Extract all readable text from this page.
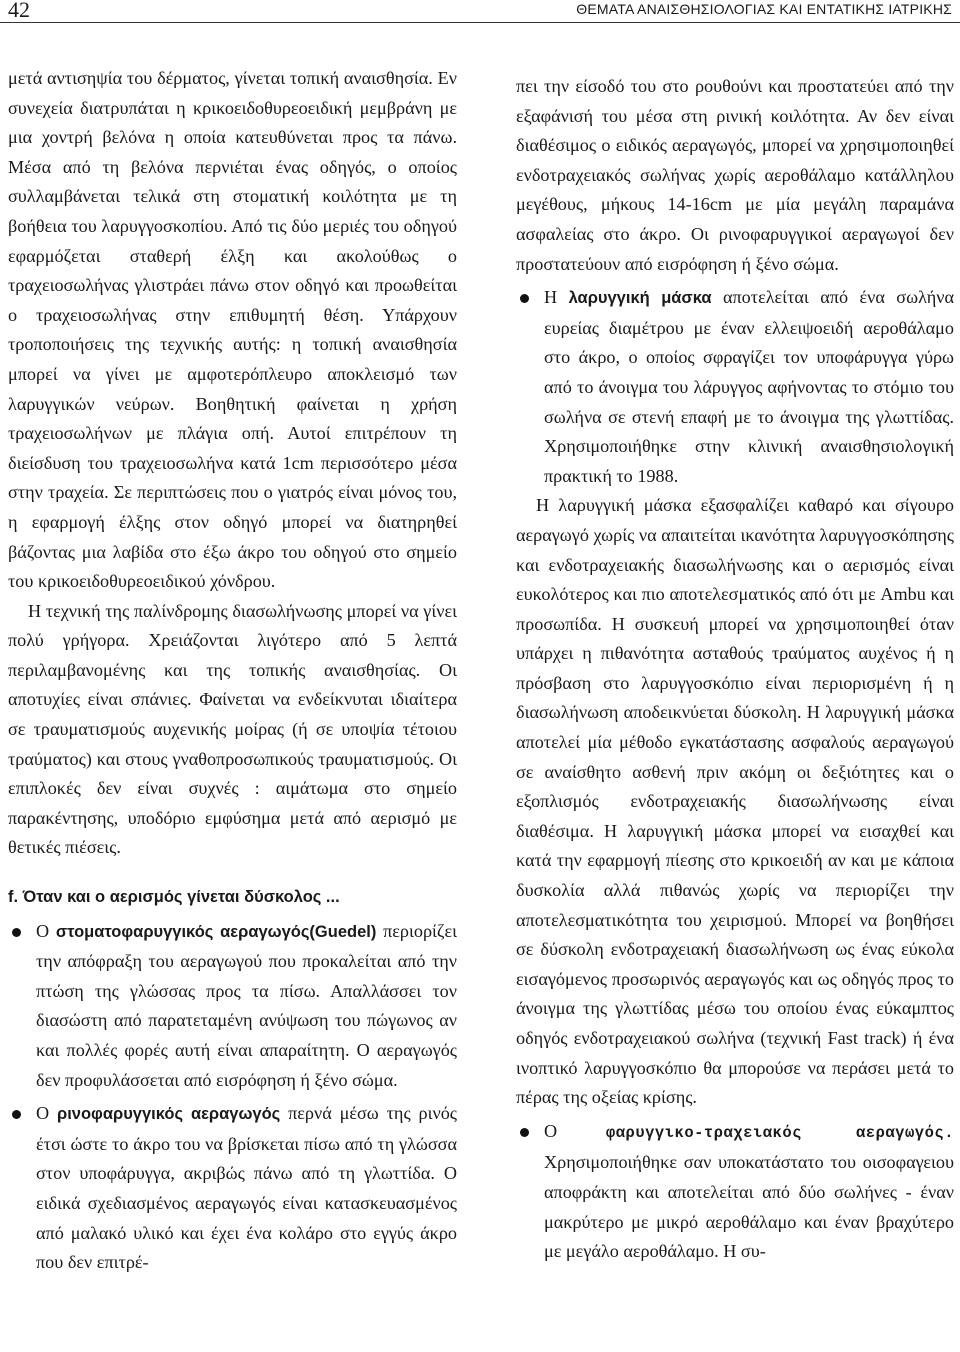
42	ΘΕΜΑΤΑ ΑΝΑΙΣΘΗΣΙΟΛΟΓΙΑΣ ΚΑΙ ΕΝΤΑΤΙΚΗΣ ΙΑΤΡΙΚΗΣ

μετά αντισηψία του δέρματος, γίνεται τοπική αναισθησία. Εν συνεχεία διατρυπάται η κρικοειδοθυρεοειδική μεμβράνη με μια χοντρή βελόνα η οποία κατευθύνεται προς τα πάνω. Μέσα από τη βελόνα περνιέται ένας οδηγός, ο οποίος συλλαμβάνεται τελικά στη στοματική κοιλότητα με τη βοήθεια του λαρυγγοσκοπίου. Από τις δύο μεριές του οδηγού εφαρμόζεται σταθερή έλξη και ακολούθως ο τραχειοσωλήνας γλιστράει πάνω στον οδηγό και προωθείται ο τραχειοσωλήνας στην επιθυμητή θέση. Υπάρχουν τροποποιήσεις της τεχνικής αυτής: η τοπική αναισθησία μπορεί να γίνει με αμφοτερόπλευρο αποκλεισμό των λαρυγγικών νεύρων. Βοηθητική φαίνεται η χρήση τραχειοσωλήνων με πλάγια οπή. Αυτοί επιτρέπουν τη διείσδυση του τραχειοσωλήνα κατά 1cm περισσότερο μέσα στην τραχεία. Σε περιπτώσεις που ο γιατρός είναι μόνος του, η εφαρμογή έλξης στον οδηγό μπορεί να διατηρηθεί βάζοντας μια λαβίδα στο έξω άκρο του οδηγού στο σημείο του κρικοειδοθυρεοειδικού χόνδρου.

Η τεχνική της παλίνδρομης διασωλήνωσης μπορεί να γίνει πολύ γρήγορα. Χρειάζονται λιγότερο από 5 λεπτά περιλαμβανομένης και της τοπικής αναισθησίας. Οι αποτυχίες είναι σπάνιες. Φαίνεται να ενδείκνυται ιδιαίτερα σε τραυματισμούς αυχενικής μοίρας (ή σε υποψία τέτοιου τραύματος) και στους γναθοπροσωπικούς τραυματισμούς. Οι επιπλοκές δεν είναι συχνές : αιμάτωμα στο σημείο παρακέντησης, υποδόριο εμφύσημα μετά από αερισμό με θετικές πιέσεις.

f. Όταν και ο αερισμός γίνεται δύσκολος ...

Ο στοματοφαρυγγικός αεραγωγός(Guedel) περιορίζει την απόφραξη του αεραγωγού που προκαλείται από την πτώση της γλώσσας προς τα πίσω. Απαλλάσσει τον διασώστη από παρατεταμένη ανύψωση του πώγωνος αν και πολλές φορές αυτή είναι απαραίτητη. Ο αεραγωγός δεν προφυλάσσεται από εισρόφηση ή ξένο σώμα.
Ο ρινοφαρυγγικός αεραγωγός περνά μέσω της ρινός έτσι ώστε το άκρο του να βρίσκεται πίσω από τη γλώσσα στον υποφάρυγγα, ακριβώς πάνω από τη γλωττίδα. Ο ειδικά σχεδιασμένος αεραγωγός είναι κατασκευασμένος από μαλακό υλικό και έχει ένα κολάρο στο εγγύς άκρο που δεν επιτρέ-

πει την είσοδό του στο ρουθούνι και προστατεύει από την εξαφάνισή του μέσα στη ρινική κοιλότητα. Αν δεν είναι διαθέσιμος ο ειδικός αεραγωγός, μπορεί να χρησιμοποιηθεί ενδοτραχειακός σωλήνας χωρίς αεροθάλαμο κατάλληλου μεγέθους, μήκους 14-16cm με μία μεγάλη παραμάνα ασφαλείας στο άκρο. Οι ρινοφαρυγγικοί αεραγωγοί δεν προστατεύουν από εισρόφηση ή ξένο σώμα.

Η λαρυγγική μάσκα αποτελείται από ένα σωλήνα ευρείας διαμέτρου με έναν ελλειψοειδή αεροθάλαμο στο άκρο, ο οποίος σφραγίζει τον υποφάρυγγα γύρω από το άνοιγμα του λάρυγγος αφήνοντας το στόμιο του σωλήνα σε στενή επαφή με το άνοιγμα της γλωττίδας. Χρησιμοποιήθηκε στην κλινική αναισθησιολογική πρακτική το 1988.

Η λαρυγγική μάσκα εξασφαλίζει καθαρό και σίγουρο αεραγωγό χωρίς να απαιτείται ικανότητα λαρυγγοσκόπησης και ενδοτραχειακής διασωλήνωσης και ο αερισμός είναι ευκολότερος και πιο αποτελεσματικός από ότι με Ambu και προσωπίδα. Η συσκευή μπορεί να χρησιμοποιηθεί όταν υπάρχει η πιθανότητα ασταθούς τραύματος αυχένος ή η πρόσβαση στο λαρυγγοσκόπιο είναι περιορισμένη ή η διασωλήνωση αποδεικνύεται δύσκολη. Η λαρυγγική μάσκα αποτελεί μία μέθοδο εγκατάστασης ασφαλούς αεραγωγού σε αναίσθητο ασθενή πριν ακόμη οι δεξιότητες και ο εξοπλισμός ενδοτραχειακής διασωλήνωσης είναι διαθέσιμα. Η λαρυγγική μάσκα μπορεί να εισαχθεί και κατά την εφαρμογή πίεσης στο κρικοειδή αν και με κάποια δυσκολία αλλά πιθανώς χωρίς να περιορίζει την αποτελεσματικότητα του χειρισμού. Μπορεί να βοηθήσει σε δύσκολη ενδοτραχειακή διασωλήνωση ως ένας εύκολα εισαγόμενος προσωρινός αεραγωγός και ως οδηγός προς το άνοιγμα της γλωττίδας μέσω του οποίου ένας εύκαμπτος οδηγός ενδοτραχειακού σωλήνα (τεχνική Fast track) ή ένα ινοπτικό λαρυγγοσκόπιο θα μπορούσε να περάσει μετά το πέρας της οξείας κρίσης.

Ο	φαρυγγικο-τραχειακός αεραγωγός. Χρησιμοποιήθηκε σαν υποκατάστατο του οισοφαγειου αποφράκτη και αποτελείται από δύο σωλήνες - έναν μακρύτερο με μικρό αεροθάλαμο και έναν βραχύτερο με μεγάλο αεροθάλαμο. Η συ-
